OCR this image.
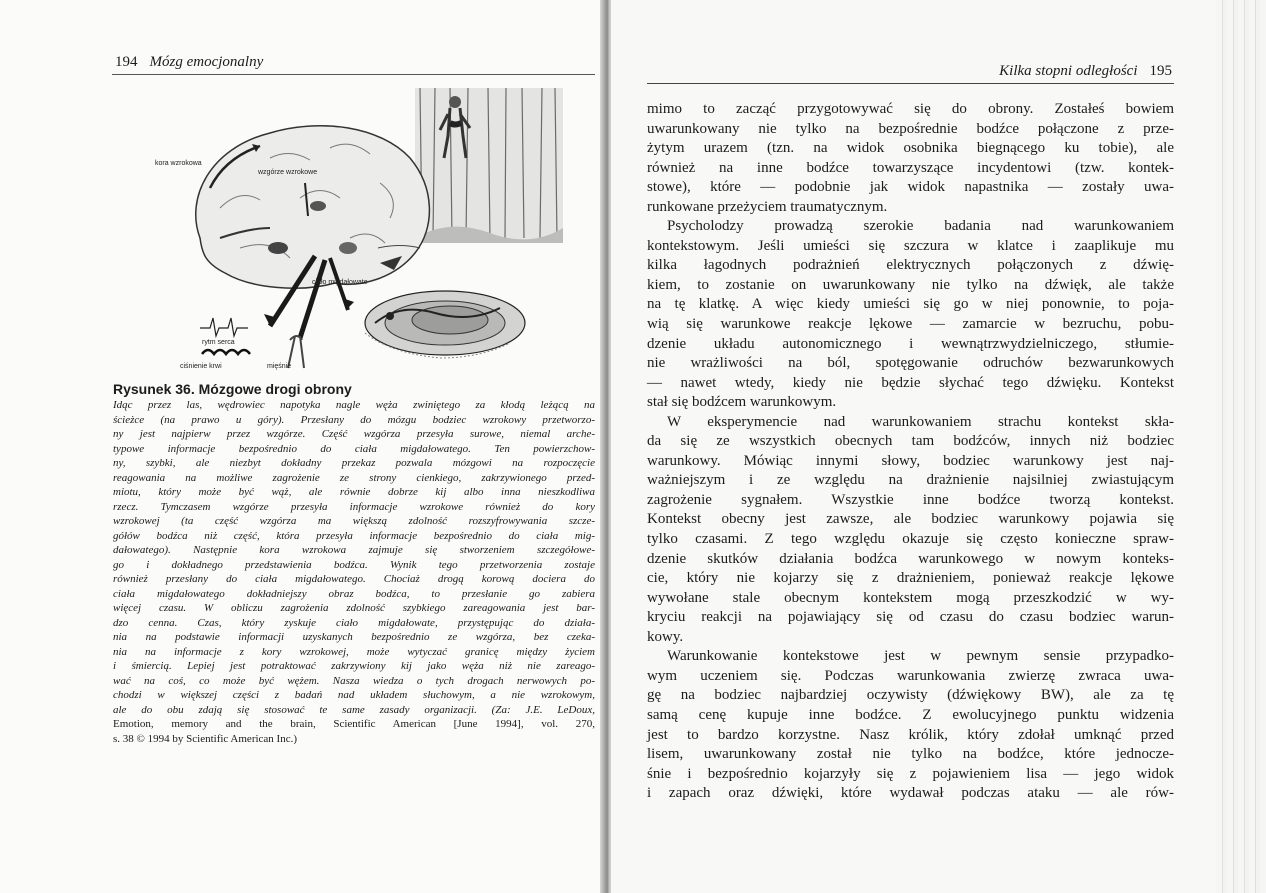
194 Mózg emocjonalny
kora wzrokowa
wzgórze wzrokowe
ciało migdałowate
rytm serca
ciśnienie krwi	mięśnie
Rysunek 36. Mózgowe drogi obrony
Idąc przez las, wędrowiec napotyka nagle węża zwiniętego za kłodą leżącą na
ścieżce (na prawo u góry). Przesłany do mózgu bodziec wzrokowy przetworzo-
ny jest najpierw przez wzgórze. Część wzgórza przesyła surowe, niemal arche-
typowe informacje bezpośrednio do ciała migdałowatego. Ten powierzchow-
ny, szybki, ale niezbyt dokładny przekaz pozwala mózgowi na rozpoczęcie
reagowania na możliwe zagrożenie ze strony cienkiego, zakrzywionego przed-
miotu, który może być wąż, ale równie dobrze kij albo inna nieszkodliwa
rzecz. Tymczasem wzgórze przesyła informacje wzrokowe również do kory
wzrokowej (ta część wzgórza ma większą zdolność rozszyfrowywania szcze-
gółów bodźca niż część, która przesyła informacje bezpośrednio do ciała mig-
dałowatego). Następnie kora wzrokowa zajmuje się stworzeniem szczegółowe-
go i dokładnego przedstawienia bodźca. Wynik tego przetworzenia zostaje
również przesłany do ciała migdałowatego. Chociaż drogą korową dociera do
ciała migdałowatego dokładniejszy obraz bodźca, to przesłanie go zabiera
więcej czasu. W obliczu zagrożenia zdolność szybkiego zareagowania jest bar-
dzo cenna. Czas, który zyskuje ciało migdałowate, przystępując do działa-
nia na podstawie informacji uzyskanych bezpośrednio ze wzgórza, bez czeka-
nia na informacje z kory wzrokowej, może wytyczać granicę między życiem
i śmiercią. Lepiej jest potraktować zakrzywiony kij jako węża niż nie zareago-
wać na coś, co może być wężem. Nasza wiedza o tych drogach nerwowych po-
chodzi w większej części z badań nad układem słuchowym, a nie wzrokowym,
ale do obu zdają się stosować te same zasady organizacji. (Za: J.E. LeDoux,
Emotion, memory and the brain, Scientific American [June 1994], vol. 270,
s. 38 © 1994 by Scientific American Inc.)
Kilka stopni odległości 195
mimo to zacząć przygotowywać się do obrony. Zostałeś bowiem
uwarunkowany nie tylko na bezpośrednie bodźce połączone z prze-
żytym urazem (tzn. na widok osobnika biegnącego ku tobie), ale
również na inne bodźce towarzyszące incydentowi (tzw. kontek-
stowe), które — podobnie jak widok napastnika — zostały uwa-
runkowane przeżyciem traumatycznym.
Psycholodzy prowadzą szerokie badania nad warunkowaniem
kontekstowym. Jeśli umieści się szczura w klatce i zaaplikuje mu
kilka łagodnych podrażnień elektrycznych połączonych z dźwię-
kiem, to zostanie on uwarunkowany nie tylko na dźwięk, ale także
na tę klatkę. A więc kiedy umieści się go w niej ponownie, to poja-
wią się warunkowe reakcje lękowe — zamarcie w bezruchu, pobu-
dzenie układu autonomicznego i wewnątrzwydzielniczego, stłumie-
nie wrażliwości na ból, spotęgowanie odruchów bezwarunkowych
— nawet wtedy, kiedy nie będzie słychać tego dźwięku. Kontekst
stał się bodźcem warunkowym.
W eksperymencie nad warunkowaniem strachu kontekst skła-
da się ze wszystkich obecnych tam bodźców, innych niż bodziec
warunkowy. Mówiąc innymi słowy, bodziec warunkowy jest naj-
ważniejszym i ze względu na drażnienie najsilniej zwiastującym
zagrożenie sygnałem. Wszystkie inne bodźce tworzą kontekst.
Kontekst obecny jest zawsze, ale bodziec warunkowy pojawia się
tylko czasami. Z tego względu okazuje się często konieczne spraw-
dzenie skutków działania bodźca warunkowego w nowym konteks-
cie, który nie kojarzy się z drażnieniem, ponieważ reakcje lękowe
wywołane stale obecnym kontekstem mogą przeszkodzić w wy-
kryciu reakcji na pojawiający się od czasu do czasu bodziec warun-
kowy.
Warunkowanie kontekstowe jest w pewnym sensie przypadko-
wym uczeniem się. Podczas warunkowania zwierzę zwraca uwa-
gę na bodziec najbardziej oczywisty (dźwiękowy BW), ale za tę
samą cenę kupuje inne bodźce. Z ewolucyjnego punktu widzenia
jest to bardzo korzystne. Nasz królik, który zdołał umknąć przed
lisem, uwarunkowany został nie tylko na bodźce, które jednocze-
śnie i bezpośrednio kojarzyły się z pojawieniem lisa — jego widok
i zapach oraz dźwięki, które wydawał podczas ataku — ale rów-
